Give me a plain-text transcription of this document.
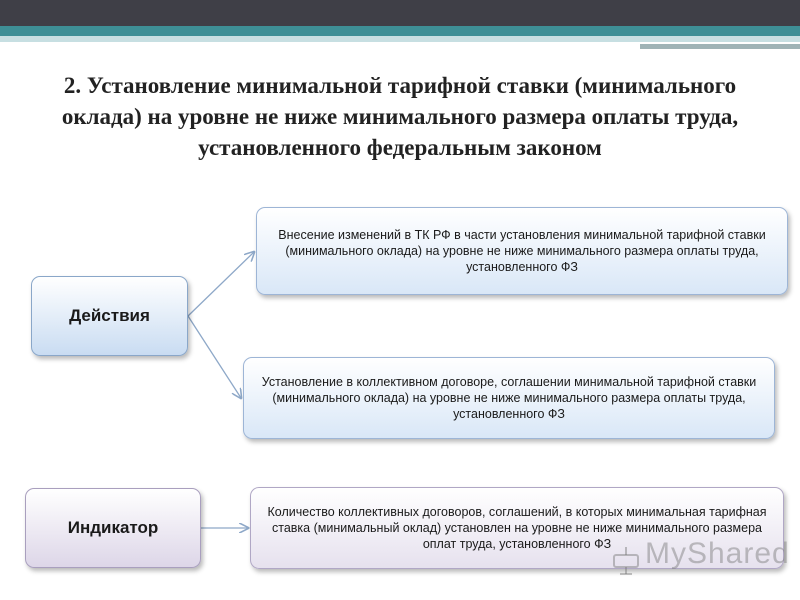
2. Установление минимальной тарифной ставки (минимального оклада) на уровне не ниже минимального размера оплаты труда, установленного федеральным законом
Действия
Внесение изменений в ТК РФ в части установления минимальной тарифной ставки (минимального оклада) на уровне не ниже минимального размера оплаты труда, установленного ФЗ
Установление в коллективном договоре, соглашении минимальной тарифной ставки (минимального оклада) на уровне не ниже минимального размера оплаты труда, установленного ФЗ
Индикатор
Количество коллективных договоров, соглашений, в которых минимальная тарифная ставка (минимальный оклад) установлен на уровне не ниже минимального размера оплат труда, установленного ФЗ	MyShared
